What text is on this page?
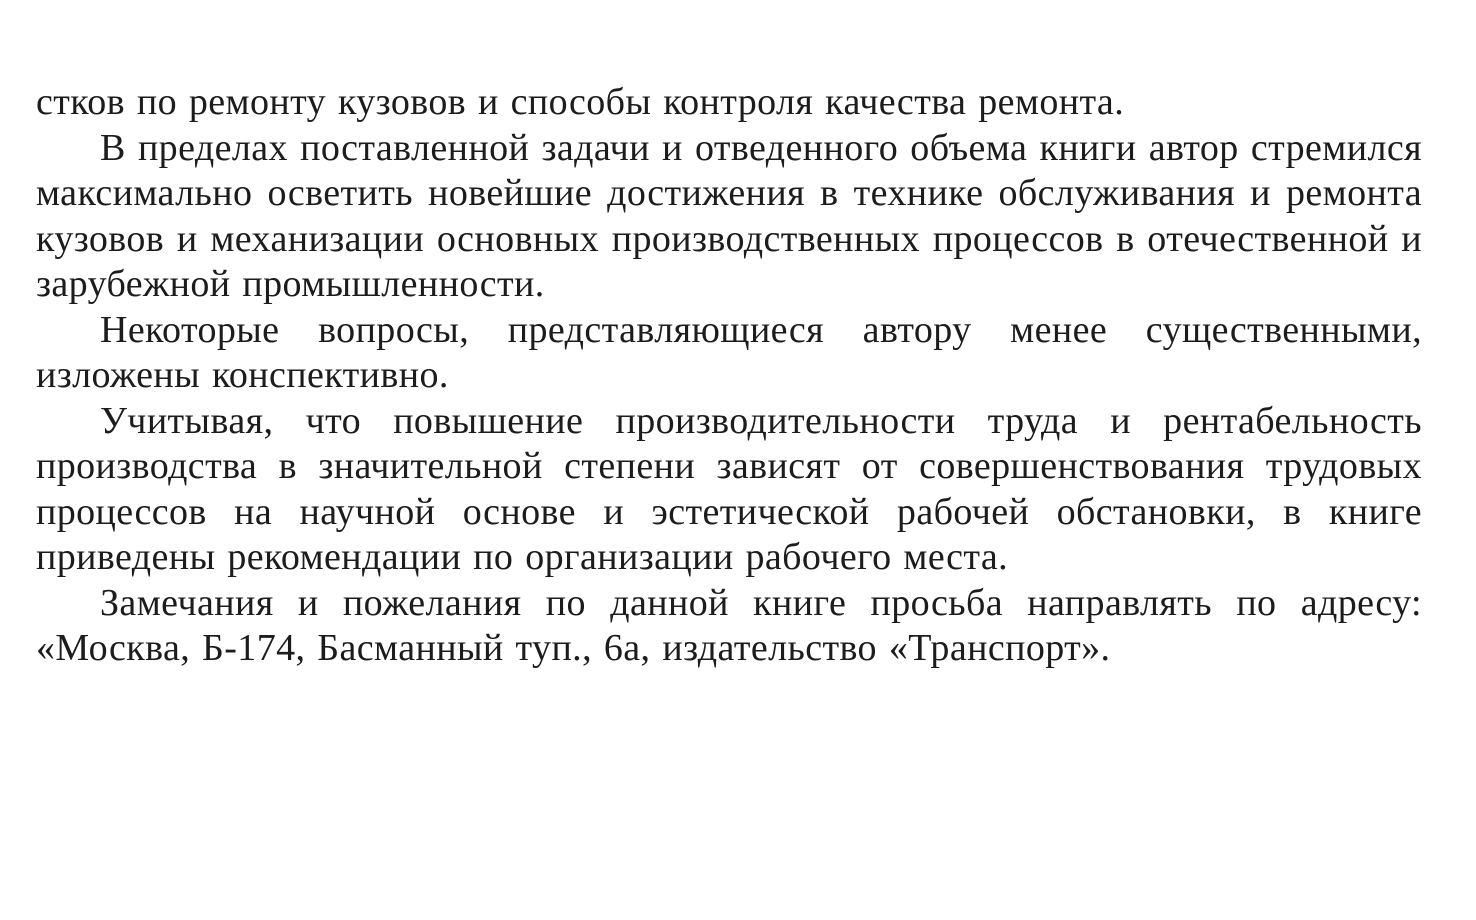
стков по ремонту кузовов и способы контроля качества ремонта.

В пределах поставленной задачи и отведенного объема книги автор стремился максимально осветить новейшие достижения в технике обслуживания и ремонта кузовов и механизации основных производственных процессов в отечественной и зарубежной промышленности.

Некоторые вопросы, представляющиеся автору менее существенными, изложены конспективно.

Учитывая, что повышение производительности труда и рентабельность производства в значительной степени зависят от совершенствования трудовых процессов на научной основе и эстетической рабочей обстановки, в книге приведены рекомендации по организации рабочего места.

Замечания и пожелания по данной книге просьба направлять по адресу: «Москва, Б-174, Басманный туп., 6а, издательство «Транспорт».
